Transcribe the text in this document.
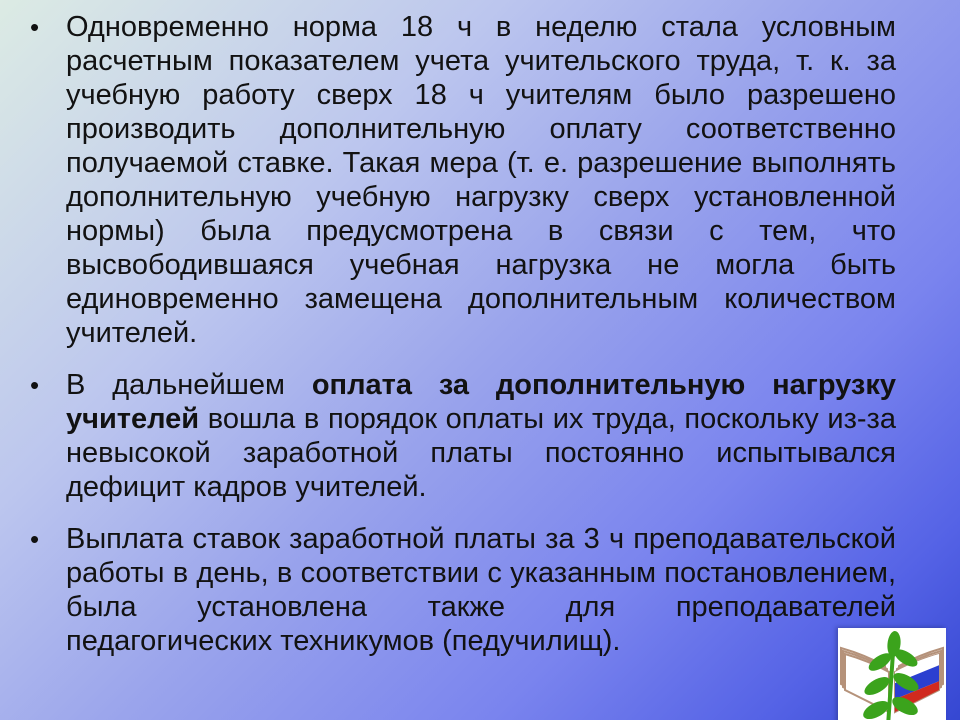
• Одновременно норма 18 ч в неделю стала условным расчетным показателем учета учительского труда, т. к. за учебную работу сверх 18 ч учителям было разрешено производить дополнительную оплату соответственно получаемой ставке. Такая мера (т. е. разрешение выполнять дополнительную учебную нагрузку сверх установленной нормы) была предусмотрена в связи с тем, что высвободившаяся учебная нагрузка не могла быть единовременно замещена дополнительным количеством учителей.
• В дальнейшем оплата за дополнительную нагрузку учителей вошла в порядок оплаты их труда, поскольку из-за невысокой заработной платы постоянно испытывался дефицит кадров учителей.
• Выплата ставок заработной платы за 3 ч преподавательской работы в день, в соответствии с указанным постановлением, была установлена также для преподавателей педагогических техникумов (педучилищ).
